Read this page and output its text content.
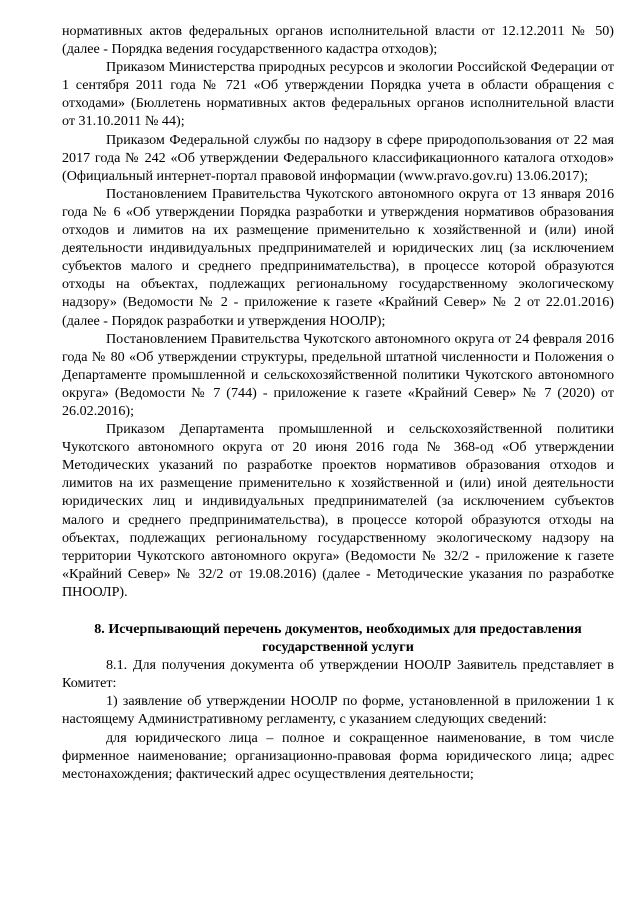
нормативных актов федеральных органов исполнительной власти от 12.12.2011 № 50) (далее - Порядка ведения государственного кадастра отходов);

Приказом Министерства природных ресурсов и экологии Российской Федерации от 1 сентября 2011 года № 721 «Об утверждении Порядка учета в области обращения с отходами» (Бюллетень нормативных актов федеральных органов исполнительной власти от 31.10.2011 № 44);

Приказом Федеральной службы по надзору в сфере природопользования от 22 мая 2017 года № 242 «Об утверждении Федерального классификационного каталога отходов» (Официальный интернет-портал правовой информации (www.pravo.gov.ru) 13.06.2017);

Постановлением Правительства Чукотского автономного округа от 13 января 2016 года № 6 «Об утверждении Порядка разработки и утверждения нормативов образования отходов и лимитов на их размещение применительно к хозяйственной и (или) иной деятельности индивидуальных предпринимателей и юридических лиц (за исключением субъектов малого и среднего предпринимательства), в процессе которой образуются отходы на объектах, подлежащих региональному государственному экологическому надзору» (Ведомости № 2 - приложение к газете «Крайний Север» № 2 от 22.01.2016) (далее - Порядок разработки и утверждения НООЛР);

Постановлением Правительства Чукотского автономного округа от 24 февраля 2016 года № 80 «Об утверждении структуры, предельной штатной численности и Положения о Департаменте промышленной и сельскохозяйственной политики Чукотского автономного округа» (Ведомости № 7 (744) - приложение к газете «Крайний Север» № 7 (2020) от 26.02.2016);

Приказом Департамента промышленной и сельскохозяйственной политики Чукотского автономного округа от 20 июня 2016 года № 368-од «Об утверждении Методических указаний по разработке проектов нормативов образования отходов и лимитов на их размещение применительно к хозяйственной и (или) иной деятельности юридических лиц и индивидуальных предпринимателей (за исключением субъектов малого и среднего предпринимательства), в процессе которой образуются отходы на объектах, подлежащих региональному государственному экологическому надзору на территории Чукотского автономного округа» (Ведомости № 32/2 - приложение к газете «Крайний Север» № 32/2 от 19.08.2016) (далее - Методические указания по разработке ПНООЛР).

8. Исчерпывающий перечень документов, необходимых для предоставления государственной услуги

8.1. Для получения документа об утверждении НООЛР Заявитель представляет в Комитет:

1) заявление об утверждении НООЛР по форме, установленной в приложении 1 к настоящему Административному регламенту, с указанием следующих сведений:

для юридического лица – полное и сокращенное наименование, в том числе фирменное наименование; организационно-правовая форма юридического лица; адрес местонахождения; фактический адрес осуществления деятельности;
